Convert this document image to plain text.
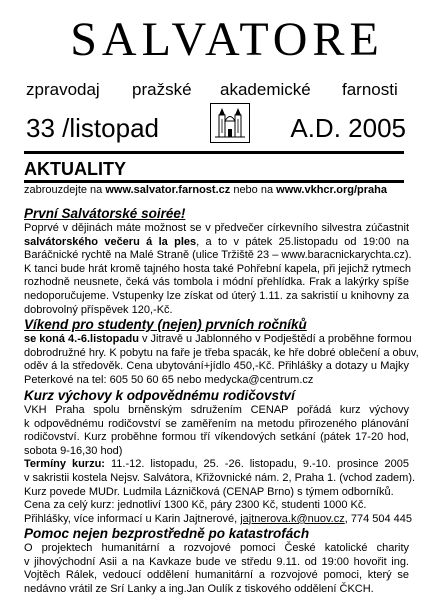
SALVATORE
zpravodaj pražské akademické farnosti
33 /listopad	A.D. 2005
AKTUALITY
zabrouzdejte na www.salvator.farnost.cz nebo na www.vkhcr.org/praha
První Salvátorské soirée!
Poprvé v dějinách máte možnost se v předvečer církevního silvestra zúčastnit
salvátorského večeru á la ples, a to v pátek 25.listopadu od 19:00 na
Baráčnické rychtě na Malé Straně (ulice Tržiště 23 – www.baracnickarychta.cz).
K tanci bude hrát kromě tajného hosta také Pohřební kapela, při jejichž rytmech
rozhodně neusnete, čeká vás tombola i módní přehlídka. Frak a lakýrky spíše
nedoporučujeme. Vstupenky lze získat od úterý 1.11. za sakristií u knihovny za
dobrovolný příspěvek 120,-Kč.
Víkend pro studenty (nejen) prvních ročníků
se koná 4.-6.listopadu v Jitravě u Jablonného v Podještědí a proběhne formou
dobrodružné hry. K pobytu na faře je třeba spacák, ke hře dobré oblečení a obuv,
oděv á la středověk. Cena ubytování+jídlo 450,-Kč. Přihlášky a dotazy u Majky
Peterkové na tel: 605 50 60 65 nebo medycka@centrum.cz
Kurz výchovy k odpovědnému rodičovství
VKH Praha spolu brněnským sdružením CENAP pořádá kurz výchovy
k odpovědnému rodičovství se zaměřením na metodu přirozeného plánování
rodičovství. Kurz proběhne formou tří víkendových setkání (pátek 17-20 hod,
sobota 9-16,30 hod)
Termíny kurzu: 11.-12. listopadu, 25. -26. listopadu, 9.-10. prosince 2005
v sakristii kostela Nejsv. Salvátora, Křižovnické nám. 2, Praha 1. (vchod zadem).
Kurz povede MUDr. Ludmila Lázničková (CENAP Brno) s týmem odborníků.
Cena za celý kurz: jednotliví 1300 Kč, páry 2300 Kč, studenti 1000 Kč.
Přihlášky, více informací u Karin Jajtnerové, jajtnerova.k@nuov.cz, 774 504 445
Pomoc nejen bezprostředně po katastrofách
O projektech humanitární a rozvojové pomoci České katolické charity
v jihovýchodní Asii a na Kavkaze bude ve středu 9.11. od 19:00 hovořit ing.
Vojtěch Rálek, vedoucí oddělení humanitární a rozvojové pomoci, který se
nedávno vrátil ze Srí Lanky a ing.Jan Oulík z tiskového oddělení ČKCH.
